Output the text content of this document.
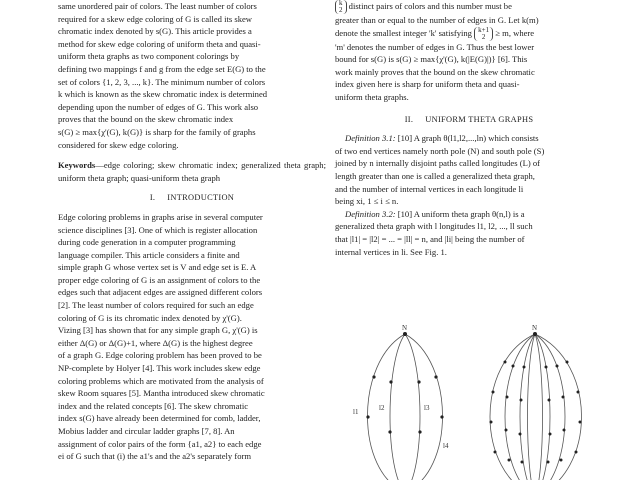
same unordered pair of colors. The least number of colors

required for a skew edge coloring of G is called its skew

chromatic index denoted by s(G). This article provides a

method for skew edge coloring of uniform theta and quasi-

uniform theta graphs as two component colorings by

defining two mappings f and g from the edge set E(G) to the

set of colors {1, 2, 3, ..., k}. The minimum number of colors

k which is known as the skew chromatic index is determined

depending upon the number of edges of G. This work also

proves that the bound on the skew chromatic index

s(G) ≥ max{χ'(G), k(G)} is sharp for the family of graphs

considered for skew edge coloring.

Keywords—edge coloring; skew chromatic index; generalized theta graph; uniform theta graph; quasi-uniform theta graph

I. INTRODUCTION

Edge coloring problems in graphs arise in several computer

science disciplines [3]. One of which is register allocation

during code generation in a computer programming

language compiler. This article considers a finite and

simple graph G whose vertex set is V and edge set is E. A

proper edge coloring of G is an assignment of colors to the

edges such that adjacent edges are assigned different colors

[2]. The least number of colors required for such an edge

coloring of G is its chromatic index denoted by χ'(G).

Vizing [3] has shown that for any simple graph G, χ'(G) is

either Δ(G) or Δ(G)+1, where Δ(G) is the highest degree

of a graph G. Edge coloring problem has been proved to be

NP-complete by Holyer [4]. This work includes skew edge

coloring problems which are motivated from the analysis of

skew Room squares [5]. Mantha introduced skew chromatic

index and the related concepts [6]. The skew chromatic

index s(G) have already been determined for comb, ladder,

Mobius ladder and circular ladder graphs [7, 8]. An

assignment of color pairs of the form {a1, a2} to each edge

ei of G such that (i) the a1's and the a2's separately form

k
2 distinct pairs of colors and this number must be

greater than or equal to the number of edges in G. Let k(m)

denote the smallest integer 'k' satisfying k+1
2 ≥ m, where

'm' denotes the number of edges in G. Thus the best lower

bound for s(G) is s(G) ≥ max{χ'(G), k(|E(G)|)} [6]. This

work mainly proves that the bound on the skew chromatic

index given here is sharp for uniform theta and quasi-

uniform theta graphs.

II. UNIFORM THETA GRAPHS

Definition 3.1: [10] A graph θ(l1,l2,...,ln) which consists

of two end vertices namely north pole (N) and south pole (S)

joined by n internally disjoint paths called longitudes (L) of

length greater than one is called a generalized theta graph,

and the number of internal vertices in each longitude li

being xi, 1 ≤ i ≤ n.

Definition 3.2: [10] A uniform theta graph θ(n,l) is a

generalized theta graph with l longitudes l1, l2, ..., ll such

that |l1| = |l2| = ... = |ll| = n, and |li| being the number of

internal vertices in li. See Fig. 1.

N
l1	l2	l3
l4
N
